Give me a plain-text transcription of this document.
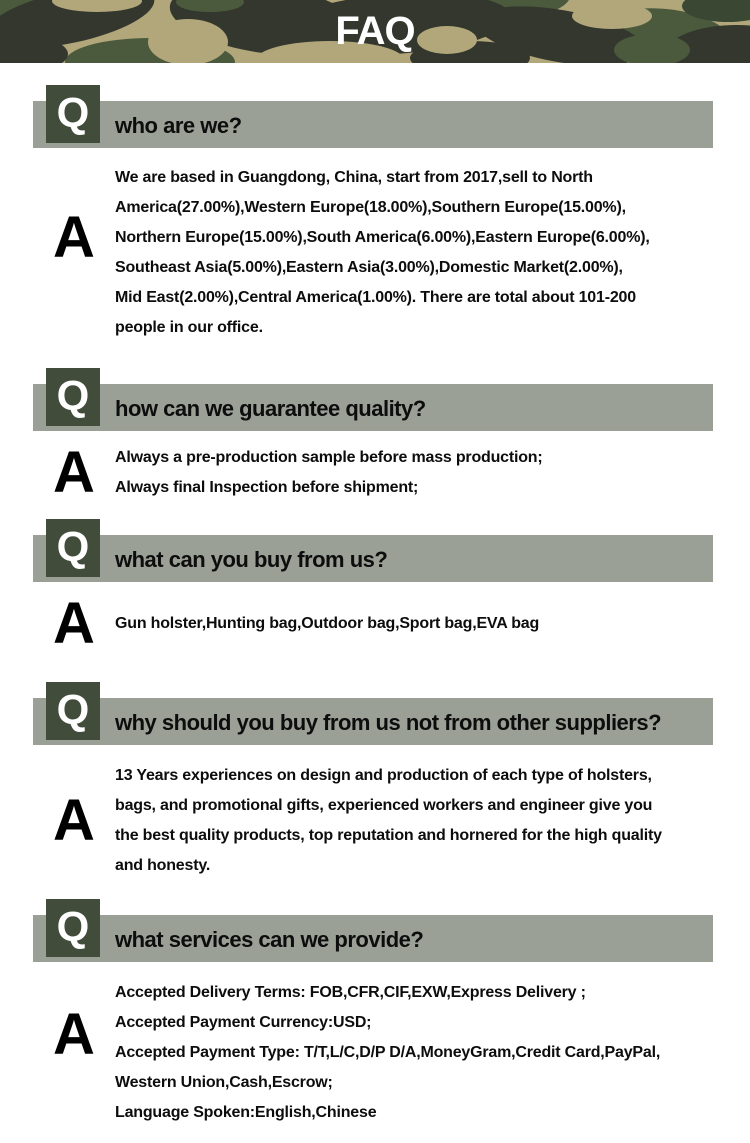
FAQ
Q who are we?
A
We are based in Guangdong, China, start from 2017,sell to North
America(27.00%),Western Europe(18.00%),Southern Europe(15.00%),
Northern Europe(15.00%),South America(6.00%),Eastern Europe(6.00%),
Southeast Asia(5.00%),Eastern Asia(3.00%),Domestic Market(2.00%),
Mid East(2.00%),Central America(1.00%). There are total about 101-200
people in our office.
Q how can we guarantee quality?
A	Always a pre-production sample before mass production;
Always final Inspection before shipment;
Q what can you buy from us?
A	Gun holster,Hunting bag,Outdoor bag,Sport bag,EVA bag
Q why should you buy from us not from other suppliers?
A
13 Years experiences on design and production of each type of holsters,
bags, and promotional gifts, experienced workers and engineer give you
the best quality products, top reputation and hornered for the high quality
and honesty.
Q what services can we provide?
A
Accepted Delivery Terms: FOB,CFR,CIF,EXW,Express Delivery ;
Accepted Payment Currency:USD;
Accepted Payment Type: T/T,L/C,D/P D/A,MoneyGram,Credit Card,PayPal,
Western Union,Cash,Escrow;
Language Spoken:English,Chinese
